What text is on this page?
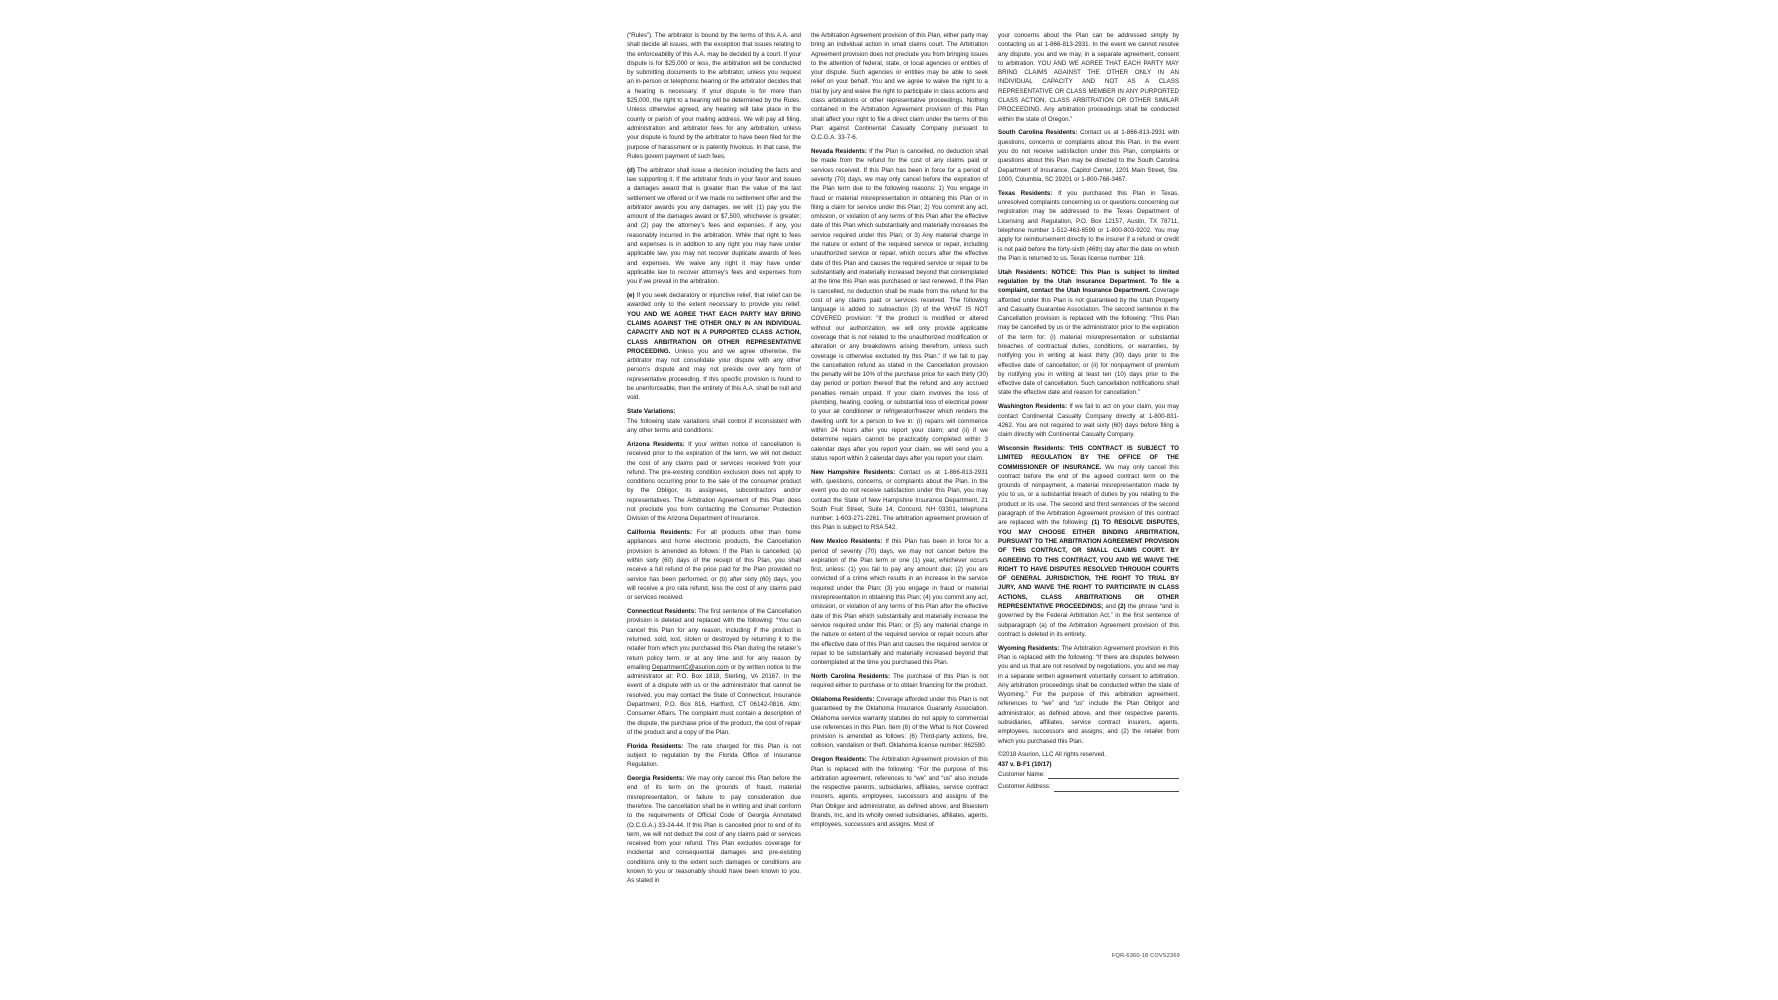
(“Rules”). The arbitrator is bound by the terms of this A.A. and shall decide all issues, with the exception that issues relating to the enforceability of this A.A. may be decided by a court. If your dispute is for $25,000 or less, the arbitration will be conducted by submitting documents to the arbitrator, unless you request an in-person or telephonic hearing or the arbitrator decides that a hearing is necessary. If your dispute is for more than $25,000, the right to a hearing will be determined by the Rules. Unless otherwise agreed, any hearing will take place in the county or parish of your mailing address. We will pay all filing, administration and arbitrator fees for any arbitration, unless your dispute is found by the arbitrator to have been filed for the purpose of harassment or is patently frivolous. In that case, the Rules govern payment of such fees.

(d) The arbitrator shall issue a decision including the facts and law supporting it. If the arbitrator finds in your favor and issues a damages award that is greater than the value of the last settlement we offered or if we made no settlement offer and the arbitrator awards you any damages, we will: (1) pay you the amount of the damages award or $7,500, whichever is greater; and (2) pay the attorney’s fees and expenses, if any, you reasonably incurred in the arbitration. While that right to fees and expenses is in addition to any right you may have under applicable law, you may not recover duplicate awards of fees and expenses. We waive any right it may have under applicable law to recover attorney’s fees and expenses from you if we prevail in the arbitration.

(e) If you seek declaratory or injunctive relief, that relief can be awarded only to the extent necessary to provide you relief. YOU AND WE AGREE THAT EACH PARTY MAY BRING CLAIMS AGAINST THE OTHER ONLY IN AN INDIVIDUAL CAPACITY AND NOT IN A PURPORTED CLASS ACTION, CLASS ARBITRATION OR OTHER REPRESENTATIVE PROCEEDING. Unless you and we agree otherwise, the arbitrator may not consolidate your dispute with any other person’s dispute and may not preside over any form of representative proceeding. If this specific provision is found to be unenforceable, then the entirety of this A.A. shall be null and void.

State Variations:

The following state variations shall control if inconsistent with any other terms and conditions:

Arizona Residents: If your written notice of cancellation is received prior to the expiration of the term, we will not deduct the cost of any claims paid or services received from your refund. The pre-existing condition exclusion does not apply to conditions occurring prior to the sale of the consumer product by the Obligor, its assignees, subcontractors and/or representatives. The Arbitration Agreement of this Plan does not preclude you from contacting the Consumer Protection Division of the Arizona Department of Insurance.

California Residents: For all products other than home appliances and home electronic products, the Cancellation provision is amended as follows: If the Plan is cancelled: (a) within sixty (60) days of the receipt of this Plan, you shall receive a full refund of the price paid for the Plan provided no service has been performed, or (b) after sixty (60) days, you will receive a pro rata refund, less the cost of any claims paid or services received.

Connecticut Residents: The first sentence of the Cancellation provision is deleted and replaced with the following: “You can cancel this Plan for any reason, including if the product is returned, sold, lost, stolen or destroyed by returning it to the retailer from which you purchased this Plan during the retailer’s return policy term, or at any time and for any reason by emailing DepartmentC@asurion.com or by written notice to the administrator at: P.O. Box 1818, Sterling, VA 20167. In the event of a dispute with us or the administrator that cannot be resolved, you may contact the State of Connecticut, Insurance Department, P.O. Box 816, Hartford, CT 06142-0816, Attn: Consumer Affairs. The complaint must contain a description of the dispute, the purchase price of the product, the cost of repair of the product and a copy of the Plan.

Florida Residents: The rate charged for this Plan is not subject to regulation by the Florida Office of Insurance Regulation.

Georgia Residents: We may only cancel this Plan before the end of its term on the grounds of fraud, material misrepresentation, or failure to pay consideration due therefore. The cancellation shall be in writing and shall conform to the requirements of Official Code of Georgia Annotated (O.C.G.A.) 33-24-44. If this Plan is cancelled prior to end of its term, we will not deduct the cost of any claims paid or services received from your refund. This Plan excludes coverage for incidental and consequential damages and pre-existing conditions only to the extent such damages or conditions are known to you or reasonably should have been known to you. As stated in

the Arbitration Agreement provision of this Plan, either party may bring an individual action in small claims court. The Arbitration Agreement provision does not preclude you from bringing issues to the attention of federal, state, or local agencies or entities of your dispute. Such agencies or entities may be able to seek relief on your behalf. You and we agree to waive the right to a trial by jury and waive the right to participate in class actions and class arbitrations or other representative proceedings. Nothing contained in the Arbitration Agreement provision of this Plan shall affect your right to file a direct claim under the terms of this Plan against Continental Casualty Company pursuant to O.C.G.A. 33-7-6.

Nevada Residents: If the Plan is cancelled, no deduction shall be made from the refund for the cost of any claims paid or services received. If this Plan has been in force for a period of seventy (70) days, we may only cancel before the expiration of the Plan term due to the following reasons: 1) You engage in fraud or material misrepresentation in obtaining this Plan or in filing a claim for service under this Plan; 2) You commit any act, omission, or violation of any terms of this Plan after the effective date of this Plan which substantially and materially increases the service required under this Plan; or 3) Any material change in the nature or extent of the required service or repair, including unauthorized service or repair, which occurs after the effective date of this Plan and causes the required service or repair to be substantially and materially increased beyond that contemplated at the time this Plan was purchased or last renewed. If the Plan is cancelled, no deduction shall be made from the refund for the cost of any claims paid or services received. The following language is added to subsection (3) of the WHAT IS NOT COVERED provision: “if the product is modified or altered without our authorization, we will only provide applicable coverage that is not related to the unauthorized modification or alteration or any breakdowns arising therefrom, unless such coverage is otherwise excluded by this Plan.” If we fail to pay the cancellation refund as stated in the Cancellation provision the penalty will be 10% of the purchase price for each thirty (30) day period or portion thereof that the refund and any accrued penalties remain unpaid. If your claim involves the loss of plumbing, heating, cooling, or substantial loss of electrical power to your air conditioner or refrigerator/freezer which renders the dwelling unfit for a person to live in: (i) repairs will commence within 24 hours after you report your claim; and (ii) if we determine repairs cannot be practicably completed within 3 calendar days after you report your claim, we will send you a status report within 3 calendar days after you report your claim.

New Hampshire Residents: Contact us at 1-866-813-2931 with, questions, concerns, or complaints about the Plan. In the event you do not receive satisfaction under this Plan, you may contact the State of New Hampshire Insurance Department, 21 South Fruit Street, Suite 14, Concord, NH 03301, telephone number: 1-603-271-2261. The arbitration agreement provision of this Plan is subject to RSA 542.

New Mexico Residents: If this Plan has been in force for a period of seventy (70) days, we may not cancel before the expiration of the Plan term or one (1) year, whichever occurs first, unless: (1) you fail to pay any amount due; (2) you are convicted of a crime which results in an increase in the service required under the Plan; (3) you engage in fraud or material misrepresentation in obtaining this Plan; (4) you commit any act, omission, or violation of any terms of this Plan after the effective date of this Plan which substantially and materially increase the service required under this Plan; or (5) any material change in the nature or extent of the required service or repair occurs after the effective date of this Plan and causes the required service or repair to be substantially and materially increased beyond that contemplated at the time you purchased this Plan.

North Carolina Residents: The purchase of this Plan is not required either to purchase or to obtain financing for the product.

Oklahoma Residents: Coverage afforded under this Plan is not guaranteed by the Oklahoma Insurance Guaranty Association. Oklahoma service warranty statutes do not apply to commercial use references in this Plan. Item (6) of the What Is Not Covered provision is amended as follows: (6) Third-party actions, fire, collision, vandalism or theft. Oklahoma license number: 862590.

Oregon Residents: The Arbitration Agreement provision of this Plan is replaced with the following: “For the purpose of this arbitration agreement, references to “we” and “us” also include the respective parents, subsidiaries, affiliates, service contract insurers, agents, employees, successors and assigns of the Plan Obligor and administrator, as defined above; and Bluestem Brands, Inc, and its wholly owned subsidiaries, affiliates, agents, employees, successors and assigns. Most of

your concerns about the Plan can be addressed simply by contacting us at 1-866-813-2931. In the event we cannot resolve any dispute, you and we may, in a separate agreement, consent to arbitration. YOU AND WE AGREE THAT EACH PARTY MAY BRING CLAIMS AGAINST THE OTHER ONLY IN AN INDIVIDUAL CAPACITY AND NOT AS A CLASS REPRESENTATIVE OR CLASS MEMBER IN ANY PURPORTED CLASS ACTION, CLASS ARBITRATION OR OTHER SIMILAR PROCEEDING. Any arbitration proceedings shall be conducted within the state of Oregon.”

South Carolina Residents: Contact us at 1-866-813-2931 with questions, concerns or complaints about this Plan. In the event you do not receive satisfaction under this Plan, complaints or questions about this Plan may be directed to the South Carolina Department of Insurance, Capitol Center, 1201 Main Street, Ste. 1000, Columbia, SC 29201 or 1-800-768-3467.

Texas Residents: If you purchased this Plan in Texas, unresolved complaints concerning us or questions concerning our registration may be addressed to the Texas Department of Licensing and Regulation, P.O. Box 12157, Austin, TX 78711, telephone number 1-512-463-6599 or 1-800-803-9202. You may apply for reimbursement directly to the insurer if a refund or credit is not paid before the forty-sixth (46th) day after the date on which the Plan is returned to us. Texas license number: 116.

Utah Residents: NOTICE: This Plan is subject to limited regulation by the Utah Insurance Department. To file a complaint, contact the Utah Insurance Department. Coverage afforded under this Plan is not guaranteed by the Utah Property and Casualty Guarantee Association. The second sentence in the Cancellation provision is replaced with the following: “This Plan may be cancelled by us or the administrator prior to the expiration of the term for: (i) material misrepresentation or substantial breaches of contractual duties, conditions, or warranties, by notifying you in writing at least thirty (30) days prior to the effective date of cancellation; or (ii) for nonpayment of premium by notifying you in writing at least ten (10) days prior to the effective date of cancellation. Such cancellation notifications shall state the effective date and reason for cancellation.”

Washington Residents: If we fail to act on your claim, you may contact Continental Casualty Company directly at 1-800-831-4262. You are not required to wait sixty (60) days before filing a claim directly with Continental Casualty Company.

Wisconsin Residents: THIS CONTRACT IS SUBJECT TO LIMITED REGULATION BY THE OFFICE OF THE COMMISSIONER OF INSURANCE. We may only cancel this contract before the end of the agreed contract term on the grounds of nonpayment, a material misrepresentation made by you to us, or a substantial breach of duties by you relating to the product or its use. The second and third sentences of the second paragraph of the Arbitration Agreement provision of this contract are replaced with the following: (1) TO RESOLVE DISPUTES, YOU MAY CHOOSE EITHER BINDING ARBITRATION, PURSUANT TO THE ARBITRATION AGREEMENT PROVISION OF THIS CONTRACT, OR SMALL CLAIMS COURT. BY AGREEING TO THIS CONTRACT, YOU AND WE WAIVE THE RIGHT TO HAVE DISPUTES RESOLVED THROUGH COURTS OF GENERAL JURISDICTION, THE RIGHT TO TRIAL BY JURY, AND WAIVE THE RIGHT TO PARTICIPATE IN CLASS ACTIONS, CLASS ARBITRATIONS OR OTHER REPRESENTATIVE PROCEEDINGS; and (2) the phrase “and is governed by the Federal Arbitration Act,” in the first sentence of subparagraph (a) of the Arbitration Agreement provision of this contract is deleted in its entirety.

Wyoming Residents: The Arbitration Agreement provision in this Plan is replaced with the following: “If there are disputes between you and us that are not resolved by negotiations, you and we may in a separate written agreement voluntarily consent to arbitration. Any arbitration proceedings shall be conducted within the state of Wyoming.” For the purpose of this arbitration agreement, references to “we” and “us” include the Plan Obligor and administrator, as defined above, and their respective parents, subsidiaries, affiliates, service contract insurers, agents, employees, successors and assigns; and (2) the retailer from which you purchased this Plan.

©2018 Asurion, LLC All rights reserved.

437 v. B-F1 (10/17)

Customer Name:
Customer Address:
FQR-6360-18 COVS2369
